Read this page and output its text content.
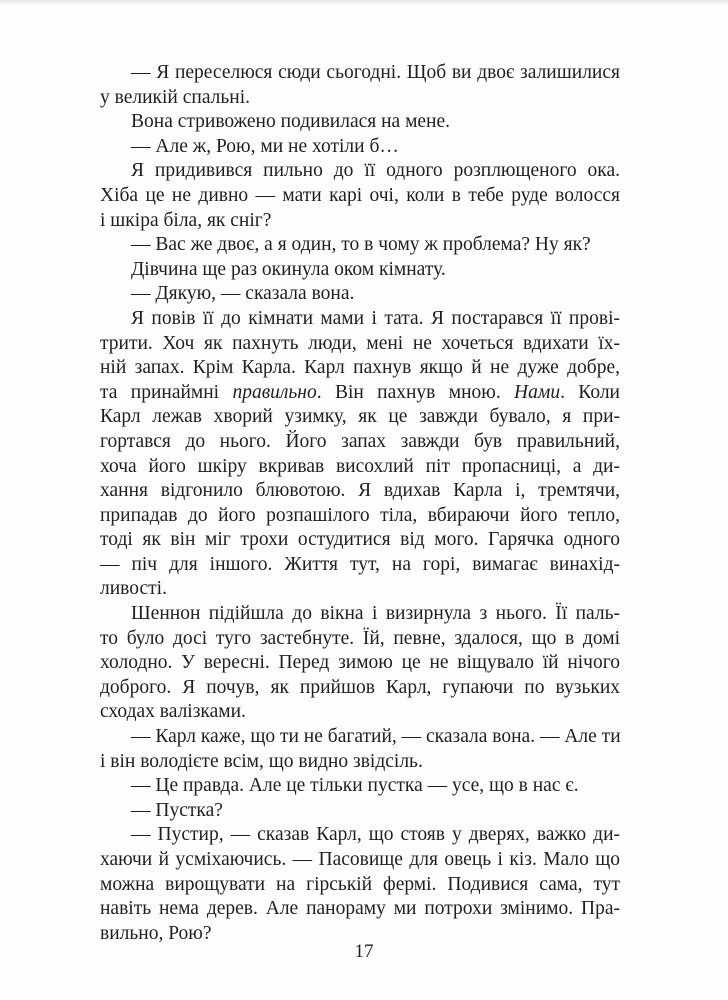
— Я переселюся сюди сьогодні. Щоб ви двоє залишилися
у великій спальні.
Вона стривожено подивилася на мене.
— Але ж, Рою, ми не хотіли б…
Я придивився пильно до її одного розплющеного ока.
Хіба це не дивно — мати карі очі, коли в тебе руде волосся
і шкіра біла, як сніг?
— Вас же двоє, а я один, то в чому ж проблема? Ну як?
Дівчина ще раз окинула оком кімнату.
— Дякую, — сказала вона.
Я повів її до кімнати мами і тата. Я постарався її прові-
трити. Хоч як пахнуть люди, мені не хочеться вдихати їх-
ній запах. Крім Карла. Карл пахнув якщо й не дуже добре,
та принаймні правильно. Він пахнув мною. Нами. Коли
Карл лежав хворий узимку, як це завжди бувало, я при-
гортався до нього. Його запах завжди був правильний,
хоча його шкіру вкривав висохлий піт пропасниці, а ди-
хання відгонило блювотою. Я вдихав Карла і, тремтячи,
припадав до його розпашілого тіла, вбираючи його тепло,
тоді як він міг трохи остудитися від мого. Гарячка одного
— піч для іншого. Життя тут, на горі, вимагає винахід-
ливості.
Шеннон підійшла до вікна і визирнула з нього. Її паль-
то було досі туго застебнуте. Їй, певне, здалося, що в домі
холодно. У вересні. Перед зимою це не віщувало їй нічого
доброго. Я почув, як прийшов Карл, гупаючи по вузьких
сходах валізками.
— Карл каже, що ти не багатий, — сказала вона. — Але ти
і він володієте всім, що видно звідсіль.
— Це правда. Але це тільки пустка — усе, що в нас є.
— Пустка?
— Пустир, — сказав Карл, що стояв у дверях, важко ди-
хаючи й усміхаючись. — Пасовище для овець і кіз. Мало що
можна вирощувати на гірській фермі. Подивися сама, тут
навіть нема дерев. Але панораму ми потрохи змінимо. Пра-
вильно, Рою?
17
